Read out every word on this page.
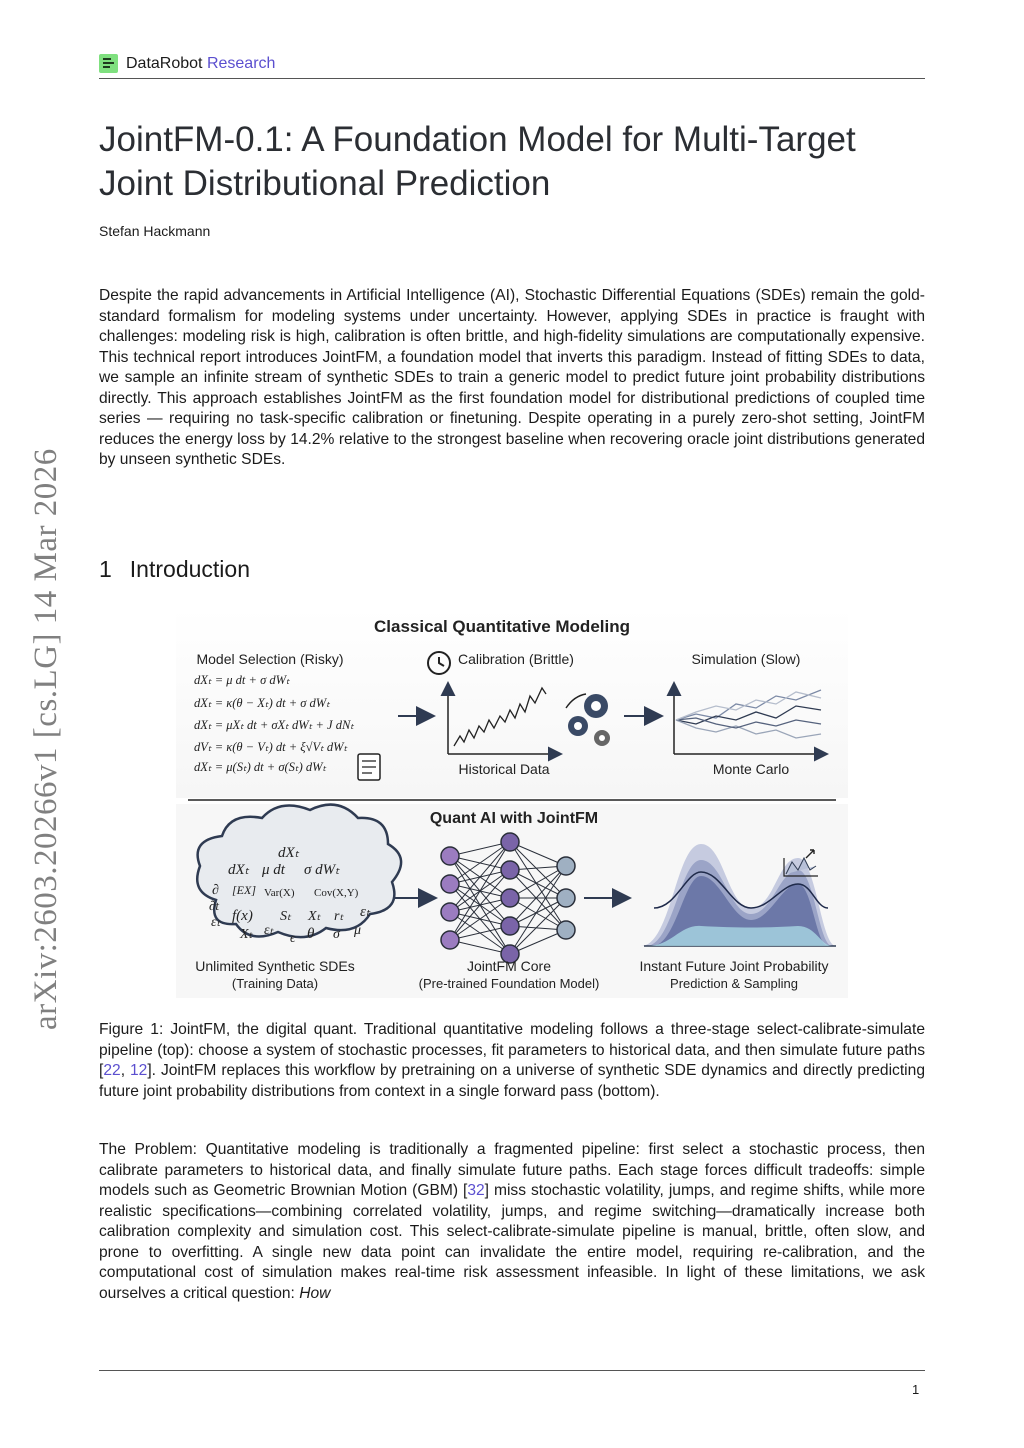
DataRobot Research
JointFM-0.1: A Foundation Model for Multi-Target
Joint Distributional Prediction
Stefan Hackmann

Despite the rapid advancements in Artificial Intelligence (AI), Stochastic Differential Equations (SDEs) remain the gold-standard formalism for modeling systems under uncertainty. However, applying SDEs in practice is fraught with challenges: modeling risk is high, calibration is often brittle, and high-fidelity simulations are computationally expensive. This technical report introduces JointFM, a foundation model that inverts this paradigm. Instead of fitting SDEs to data, we sample an infinite stream of synthetic SDEs to train a generic model to predict future joint probability distributions directly. This approach establishes JointFM as the first foundation model for distributional predictions of coupled time series — requiring no task-specific calibration or finetuning. Despite operating in a purely zero-shot setting, JointFM reduces the energy loss by 14.2% relative to the strongest baseline when recovering oracle joint distributions generated by unseen synthetic SDEs.

1 Introduction
Classical Quantitative Modeling
Model Selection (Risky)	Calibration (Brittle)	Simulation (Slow)
dXₜ = μ dt + σ dWₜ
dXₜ = κ(θ − Xₜ) dt + σ dWₜ
dXₜ = μXₜ dt + σXₜ dWₜ + J dNₜ
dVₜ = κ(θ − Vₜ) dt + ξ√Vₜ dWₜ
dXₜ = μ(Sₜ) dt + σ(Sₜ) dWₜ	Historical Data	Monte Carlo
Quant AI with JointFM
dXₜ
dXₜ μ dt σ dWₜ
∂
∂t
[EX] Var(X) Cov(X,Y)
εₜ f(x) Sₜ Xₜ rₜ εₜ
Xₜ εₜ ϵ θ σ μ
Unlimited Synthetic SDEs
(Training Data)
JointFM Core
(Pre-trained Foundation Model)
Instant Future Joint Probability
Prediction & Sampling

Figure 1: JointFM, the digital quant. Traditional quantitative modeling follows a three-stage select-calibrate-simulate pipeline (top): choose a system of stochastic processes, fit parameters to historical data, and then simulate future paths [22, 12]. JointFM replaces this workflow by pretraining on a universe of synthetic SDE dynamics and directly predicting future joint probability distributions from context in a single forward pass (bottom).

The Problem: Quantitative modeling is traditionally a fragmented pipeline: first select a stochastic process, then calibrate parameters to historical data, and finally simulate future paths. Each stage forces difficult tradeoffs: simple models such as Geometric Brownian Motion (GBM) [32] miss stochastic volatility, jumps, and regime shifts, while more realistic specifications—combining correlated volatility, jumps, and regime switching—dramatically increase both calibration complexity and simulation cost. This select-calibrate-simulate pipeline is manual, brittle, often slow, and prone to overfitting. A single new data point can invalidate the entire model, requiring re-calibration, and the computational cost of simulation makes real-time risk assessment infeasible. In light of these limitations, we ask ourselves a critical question: How

arXiv:2603.20266v1 [cs.LG] 14 Mar 2026
1
